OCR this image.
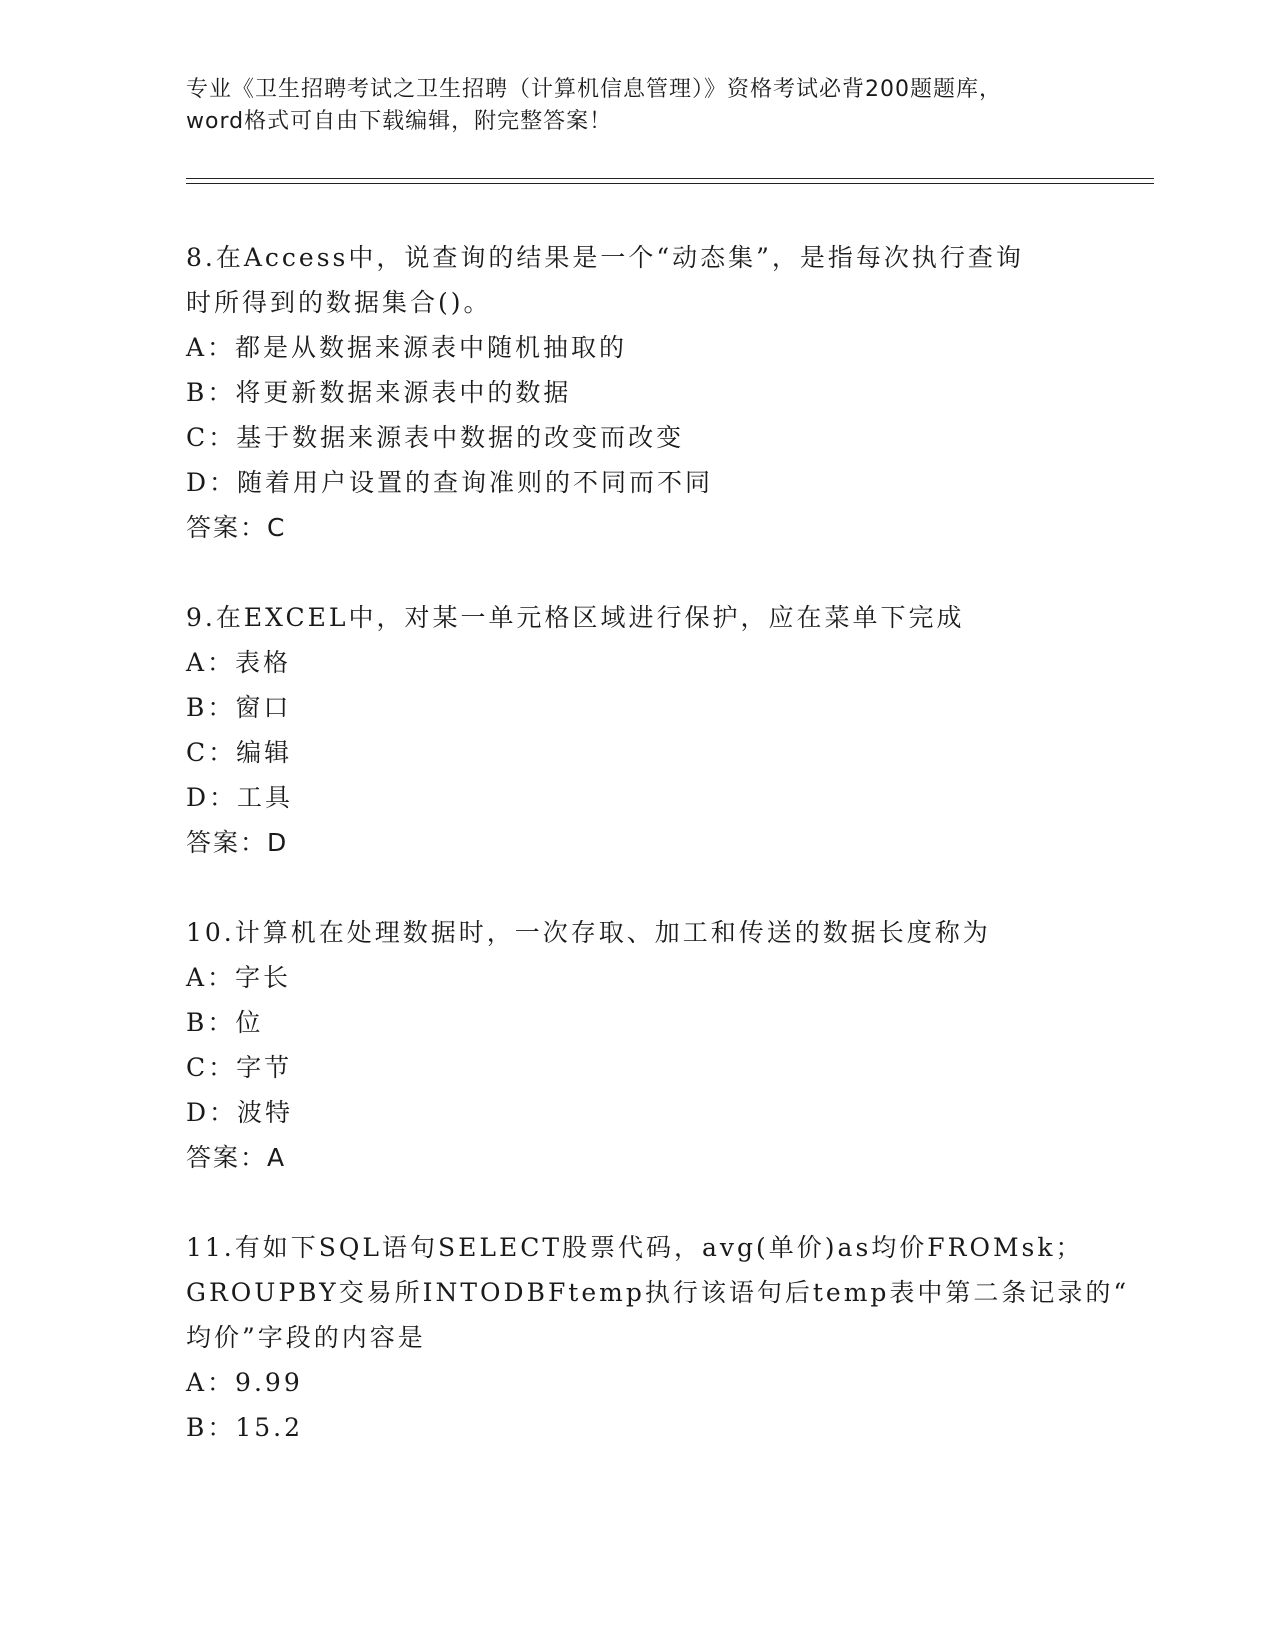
专业《卫生招聘考试之卫生招聘（计算机信息管理）》资格考试必背200题题库，
word格式可自由下载编辑，附完整答案！
8.在Access中，说查询的结果是一个“动态集”，是指每次执行查询
时所得到的数据集合()。
A：都是从数据来源表中随机抽取的
B：将更新数据来源表中的数据
C：基于数据来源表中数据的改变而改变
D：随着用户设置的查询准则的不同而不同
答案：C
9.在EXCEL中，对某一单元格区域进行保护，应在菜单下完成
A：表格
B：窗口
C：编辑
D：工具
答案：D
10.计算机在处理数据时，一次存取、加工和传送的数据长度称为
A：字长
B：位
C：字节
D：波特
答案：A
11.有如下SQL语句SELECT股票代码，avg(单价)as均价FROMsk；
GROUPBY交易所INTODBFtemp执行该语句后temp表中第二条记录的“
均价”字段的内容是
A：9.99
B：15.2
